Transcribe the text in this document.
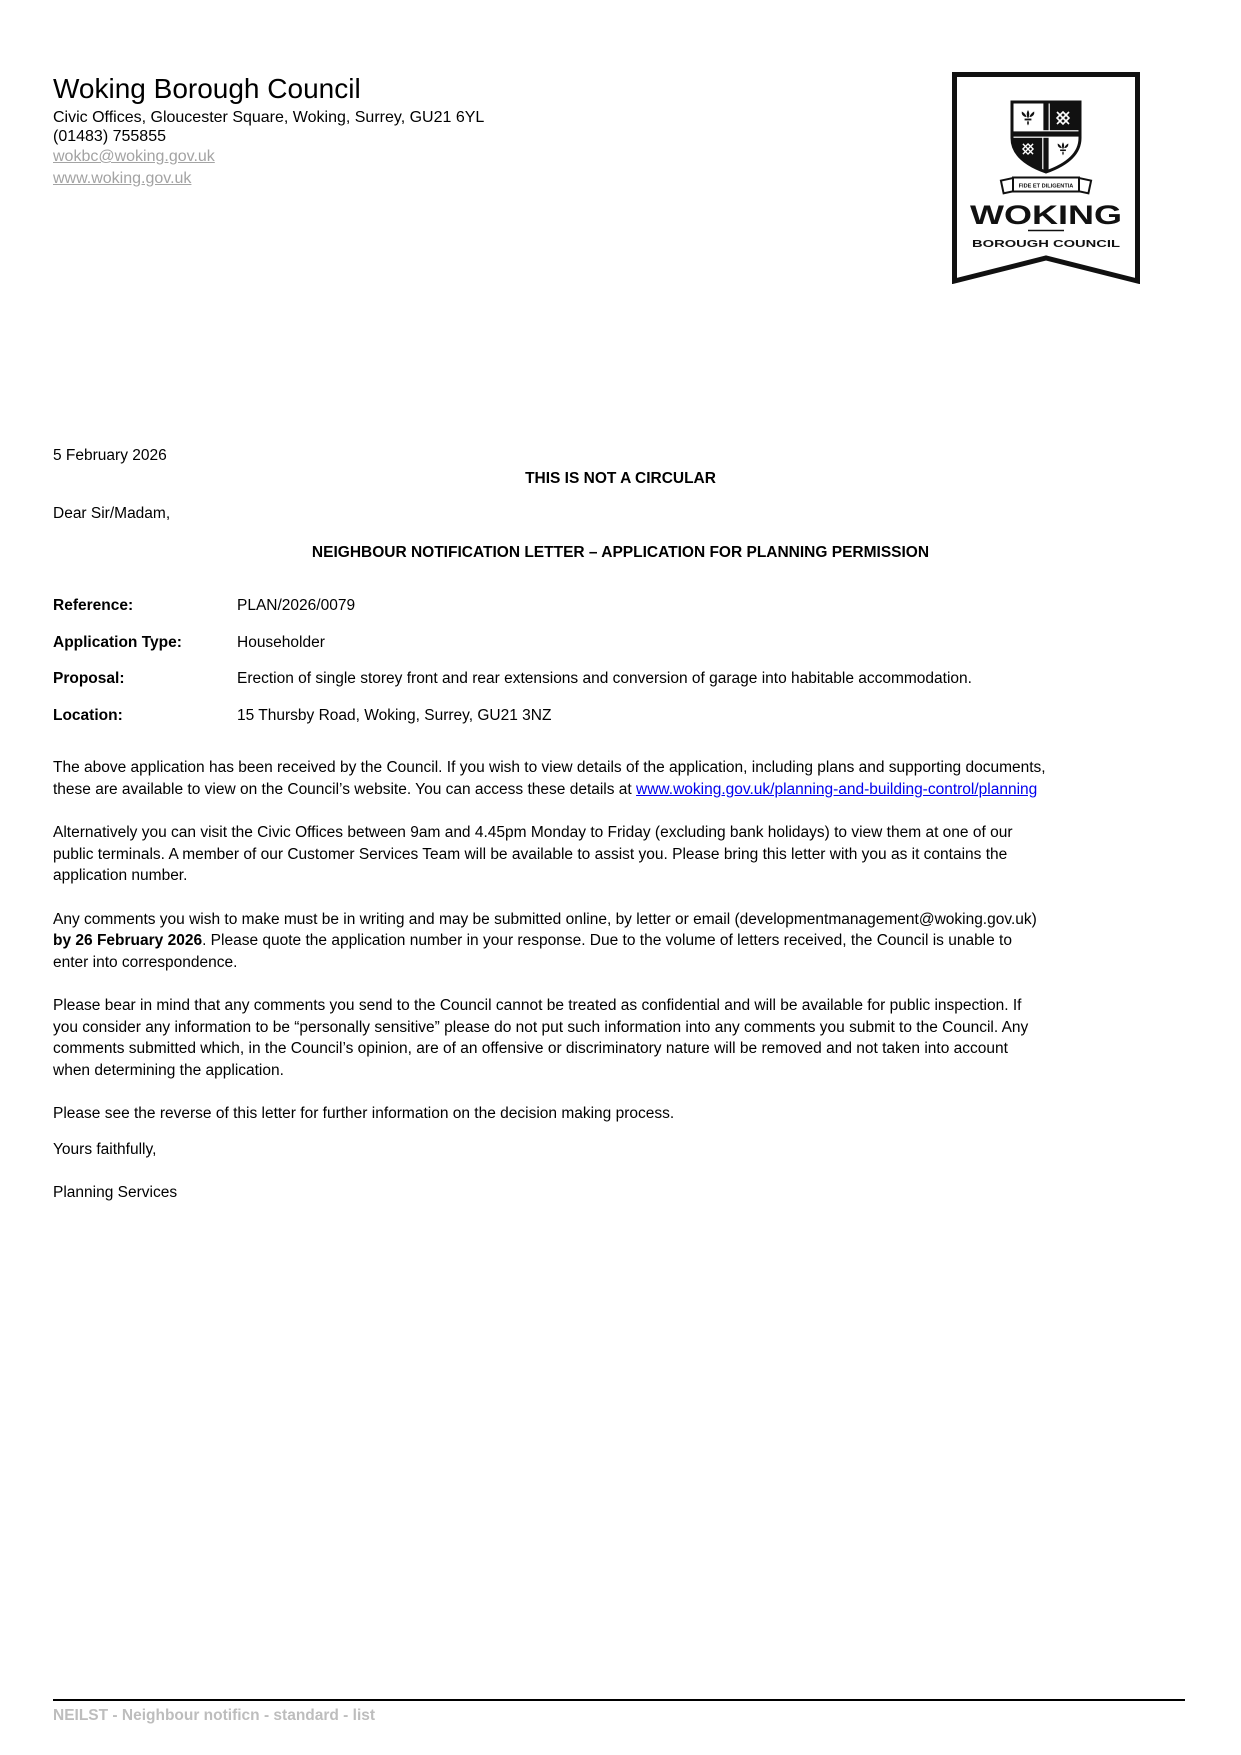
FIDE ET DILIGENTIA
WOKING
BOROUGH COUNCIL
Woking Borough Council
Civic Offices, Gloucester Square, Woking, Surrey, GU21 6YL
(01483) 755855
wokbc@woking.gov.uk
www.woking.gov.uk
5 February 2026
THIS IS NOT A CIRCULAR
Dear Sir/Madam,
NEIGHBOUR NOTIFICATION LETTER – APPLICATION FOR PLANNING PERMISSION
Reference:	PLAN/2026/0079
Application Type:	Householder
Proposal:	Erection of single storey front and rear extensions and conversion of garage into habitable accommodation.
Location:	15 Thursby Road, Woking, Surrey, GU21 3NZ
The above application has been received by the Council. If you wish to view details of the application, including plans and supporting documents, these are available to view on the Council’s website. You can access these details at www.woking.gov.uk/planning-and-building-control/planning
Alternatively you can visit the Civic Offices between 9am and 4.45pm Monday to Friday (excluding bank holidays) to view them at one of our public terminals. A member of our Customer Services Team will be available to assist you. Please bring this letter with you as it contains the application number.
Any comments you wish to make must be in writing and may be submitted online, by letter or email (developmentmanagement@woking.gov.uk) by 26 February 2026. Please quote the application number in your response. Due to the volume of letters received, the Council is unable to enter into correspondence.
Please bear in mind that any comments you send to the Council cannot be treated as confidential and will be available for public inspection. If you consider any information to be “personally sensitive” please do not put such information into any comments you submit to the Council. Any comments submitted which, in the Council’s opinion, are of an offensive or discriminatory nature will be removed and not taken into account when determining the application.
Please see the reverse of this letter for further information on the decision making process.
Yours faithfully,
Planning Services
NEILST - Neighbour notificn - standard - list
